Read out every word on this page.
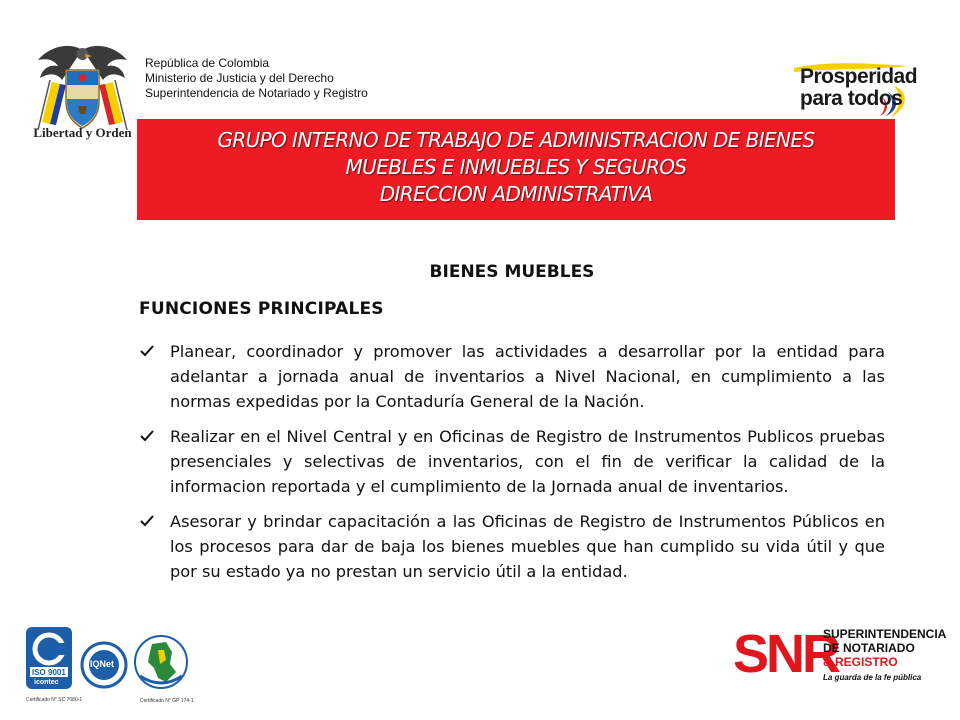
Libertad y Orden
República de Colombia
Ministerio de Justicia y del Derecho
Superintendencia de Notariado y Registro
Prosperidad
para todos
GRUPO INTERNO DE TRABAJO DE ADMINISTRACION DE BIENES
MUEBLES E INMUEBLES Y SEGUROS
DIRECCION ADMINISTRATIVA
BIENES MUEBLES
FUNCIONES PRINCIPALES
Planear, coordinador y promover las actividades a desarrollar por la entidad para adelantar a jornada anual de inventarios a Nivel Nacional, en cumplimiento a las normas expedidas por la Contaduría General de la Nación.
Realizar en el Nivel Central y en Oficinas de Registro de Instrumentos Publicos pruebas presenciales y selectivas de inventarios, con el fin de verificar la calidad de la informacion reportada y el cumplimiento de la Jornada anual de inventarios.
Asesorar y brindar capacitación a las Oficinas de Registro de Instrumentos Públicos en los procesos para dar de baja los bienes muebles que han cumplido su vida útil y que por su estado ya no prestan un servicio útil a la entidad.
ISO 9001
icontec
Certificado N° SC 7080-1
IQNet
Certificado N° GP 174-1
SNR
SUPERINTENDENCIA
DE NOTARIADO
& REGISTRO
La guarda de la fe pública
